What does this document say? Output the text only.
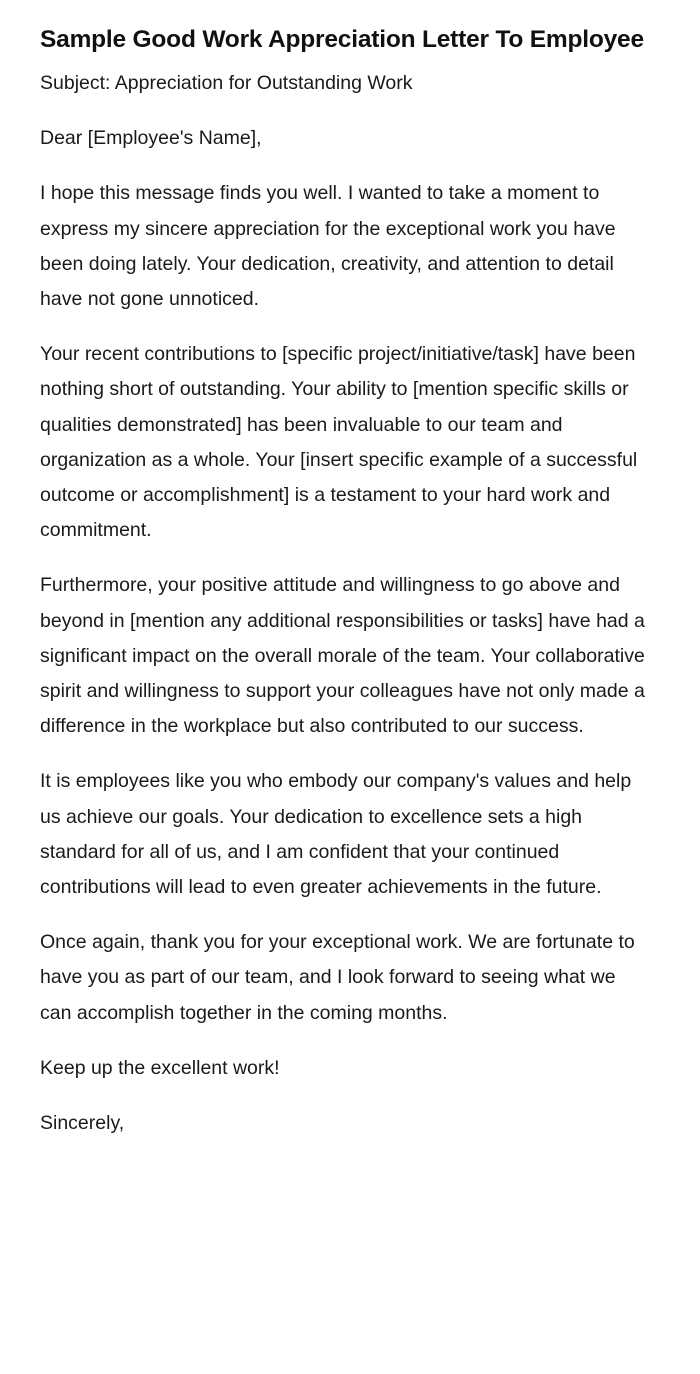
Sample Good Work Appreciation Letter To Employee

Subject: Appreciation for Outstanding Work

Dear [Employee's Name],

I hope this message finds you well. I wanted to take a moment to express my sincere appreciation for the exceptional work you have been doing lately. Your dedication, creativity, and attention to detail have not gone unnoticed.

Your recent contributions to [specific project/initiative/task] have been nothing short of outstanding. Your ability to [mention specific skills or qualities demonstrated] has been invaluable to our team and organization as a whole. Your [insert specific example of a successful outcome or accomplishment] is a testament to your hard work and commitment.

Furthermore, your positive attitude and willingness to go above and beyond in [mention any additional responsibilities or tasks] have had a significant impact on the overall morale of the team. Your collaborative spirit and willingness to support your colleagues have not only made a difference in the workplace but also contributed to our success.

It is employees like you who embody our company's values and help us achieve our goals. Your dedication to excellence sets a high standard for all of us, and I am confident that your continued contributions will lead to even greater achievements in the future.

Once again, thank you for your exceptional work. We are fortunate to have you as part of our team, and I look forward to seeing what we can accomplish together in the coming months.

Keep up the excellent work!

Sincerely,
